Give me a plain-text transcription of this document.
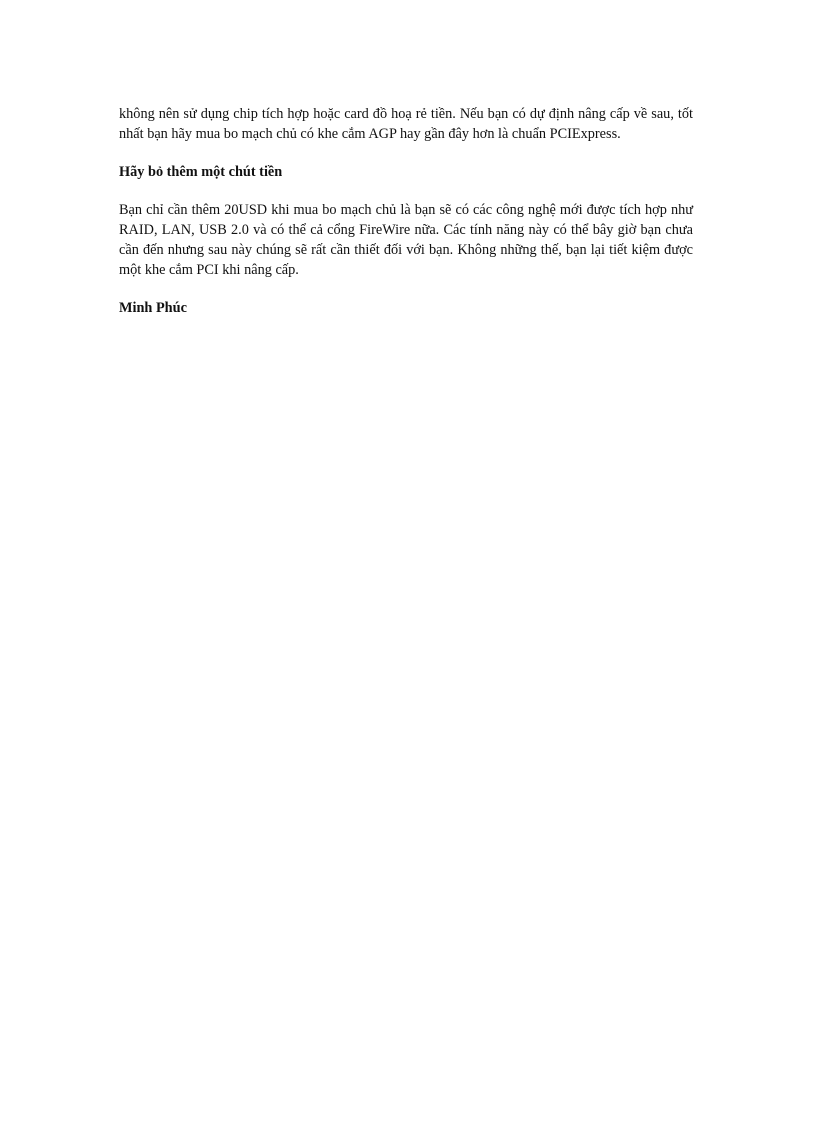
không nên sử dụng chip tích hợp hoặc card đồ hoạ rẻ tiền. Nếu bạn có dự định nâng cấp về sau, tốt nhất bạn hãy mua bo mạch chủ có khe cắm AGP hay gần đây hơn là chuẩn PCIExpress.

Hãy bỏ thêm một chút tiền

Bạn chỉ cần thêm 20USD khi mua bo mạch chủ là bạn sẽ có các công nghệ mới được tích hợp như RAID, LAN, USB 2.0 và có thể cả cổng FireWire nữa. Các tính năng này có thể bây giờ bạn chưa cần đến nhưng sau này chúng sẽ rất cần thiết đối với bạn. Không những thế, bạn lại tiết kiệm được một khe cắm PCI khi nâng cấp.

Minh Phúc
